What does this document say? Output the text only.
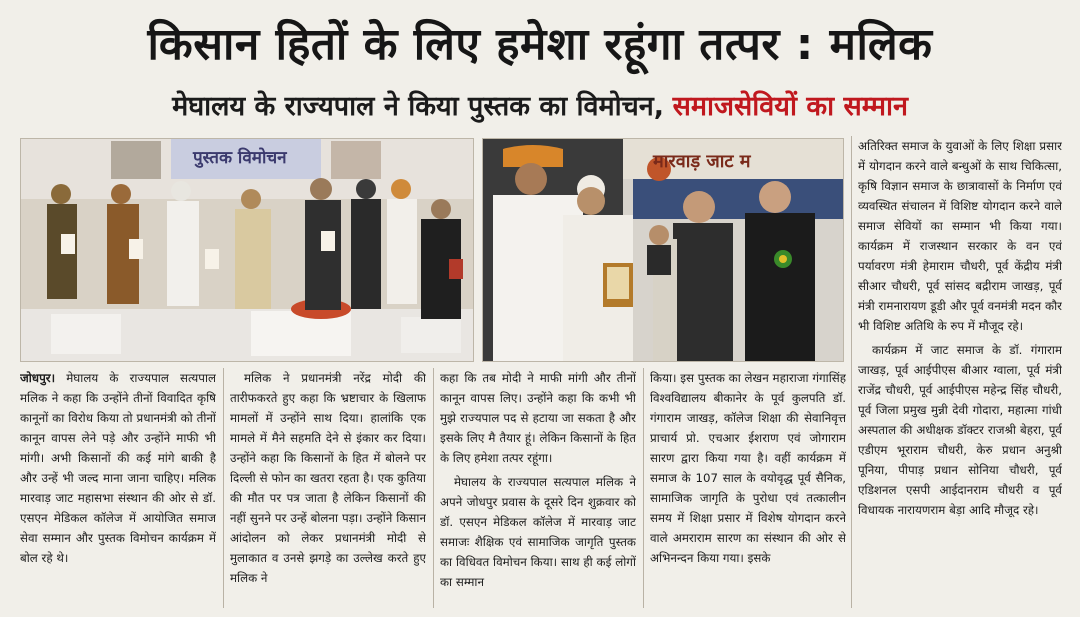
किसान हितों के लिए हमेशा रहूंगा तत्पर : मलिक
मेघालय के राज्यपाल ने किया पुस्तक का विमोचन, समाजसेवियों का सम्मान
पुस्तक विमोचन	मारवाड़ जाट म

जोधपुर। मेघालय के राज्यपाल सत्यपाल मलिक ने कहा कि उन्होंने तीनों विवादित कृषि कानूनों का विरोध किया तो प्रधानमंत्री को तीनों कानून वापस लेने पड़े और उन्होंने माफी भी मांगी। अभी किसानों की कई मांगे बाकी है और उन्हें भी जल्द माना जाना चाहिए। मलिक मारवाड़ जाट महासभा संस्थान की ओर से डॉ. एसएन मेडिकल कॉलेज में आयोजित समाज सेवा सम्मान और पुस्तक विमोचन कार्यक्रम में बोल रहे थे।

मलिक ने प्रधानमंत्री नरेंद्र मोदी की तारीफकरते हुए कहा कि भ्रष्टाचार के खिलाफ मामलों में उन्होंने साथ दिया। हालांकि एक मामले में मैने सहमति देने से इंकार कर दिया। उन्होंने कहा कि किसानों के हित में बोलने पर दिल्ली से फोन का खतरा रहता है। एक कुतिया की मौत पर पत्र जाता है लेकिन किसानों की नहीं सुनने पर उन्हें बोलना पड़ा। उन्होंने किसान आंदोलन को लेकर प्रधानमंत्री मोदी से मुलाकात व उनसे झगड़े का उल्लेख करते हुए मलिक ने

कहा कि तब मोदी ने माफी मांगी और तीनों कानून वापस लिए। उन्होंने कहा कि कभी भी मुझे राज्यपाल पद से हटाया जा सकता है और इसके लिए मै तैयार हूं। लेकिन किसानों के हित के लिए हमेशा तत्पर रहूंगा।

मेघालय के राज्यपाल सत्यपाल मलिक ने अपने जोधपुर प्रवास के दूसरे दिन शुक्रवार को डॉ. एसएन मेडिकल कॉलेज में मारवाड़ जाट समाजः शैक्षिक एवं सामाजिक जागृति पुस्तक का विधिवत विमोचन किया। साथ ही कई लोगों का सम्मान

किया। इस पुस्तक का लेखन महाराजा गंगासिंह विश्वविद्यालय बीकानेर के पूर्व कुलपति डॉ. गंगाराम जाखड़, कॉलेज शिक्षा की सेवानिवृत्त प्राचार्य प्रो. एचआर ईशराण एवं जोगाराम सारण द्वारा किया गया है। वहीं कार्यक्रम में समाज के 107 साल के वयोवृद्ध पूर्व सैनिक, सामाजिक जागृति के पुरोधा एवं तत्कालीन समय में शिक्षा प्रसार में विशेष योगदान करने वाले अमराराम सारण का संस्थान की ओर से अभिनन्दन किया गया। इसके

अतिरिक्त समाज के युवाओं के लिए शिक्षा प्रसार में योगदान करने वाले बन्धुओं के साथ चिकित्सा, कृषि विज्ञान समाज के छात्रावासों के निर्माण एवं व्यवस्थित संचालन में विशिष्ट योगदान करने वाले समाज सेवियों का सम्मान भी किया गया। कार्यक्रम में राजस्थान सरकार के वन एवं पर्यावरण मंत्री हेमाराम चौधरी, पूर्व केंद्रीय मंत्री सीआर चौधरी, पूर्व सांसद बद्रीराम जाखड़, पूर्व मंत्री रामनारायण डूडी और पूर्व वनमंत्री मदन कौर भी विशिष्ट अतिथि के रुप में मौजूद रहे।

कार्यक्रम में जाट समाज के डॉ. गंगाराम जाखड़, पूर्व आईपीएस बीआर ग्वाला, पूर्व मंत्री राजेंद्र चौधरी, पूर्व आईपीएस महेन्द्र सिंह चौधरी, पूर्व जिला प्रमुख मुन्नी देवी गोदारा, महात्मा गांधी अस्पताल की अधीक्षक डॉक्टर राजश्री बेहरा, पूर्व एडीएम भूराराम चौधरी, केरु प्रधान अनुश्री पूनिया, पीपाड़ प्रधान सोनिया चौधरी, पूर्व एडिशनल एसपी आईदानराम चौधरी व पूर्व विधायक नारायणराम बेड़ा आदि मौजूद रहे।
